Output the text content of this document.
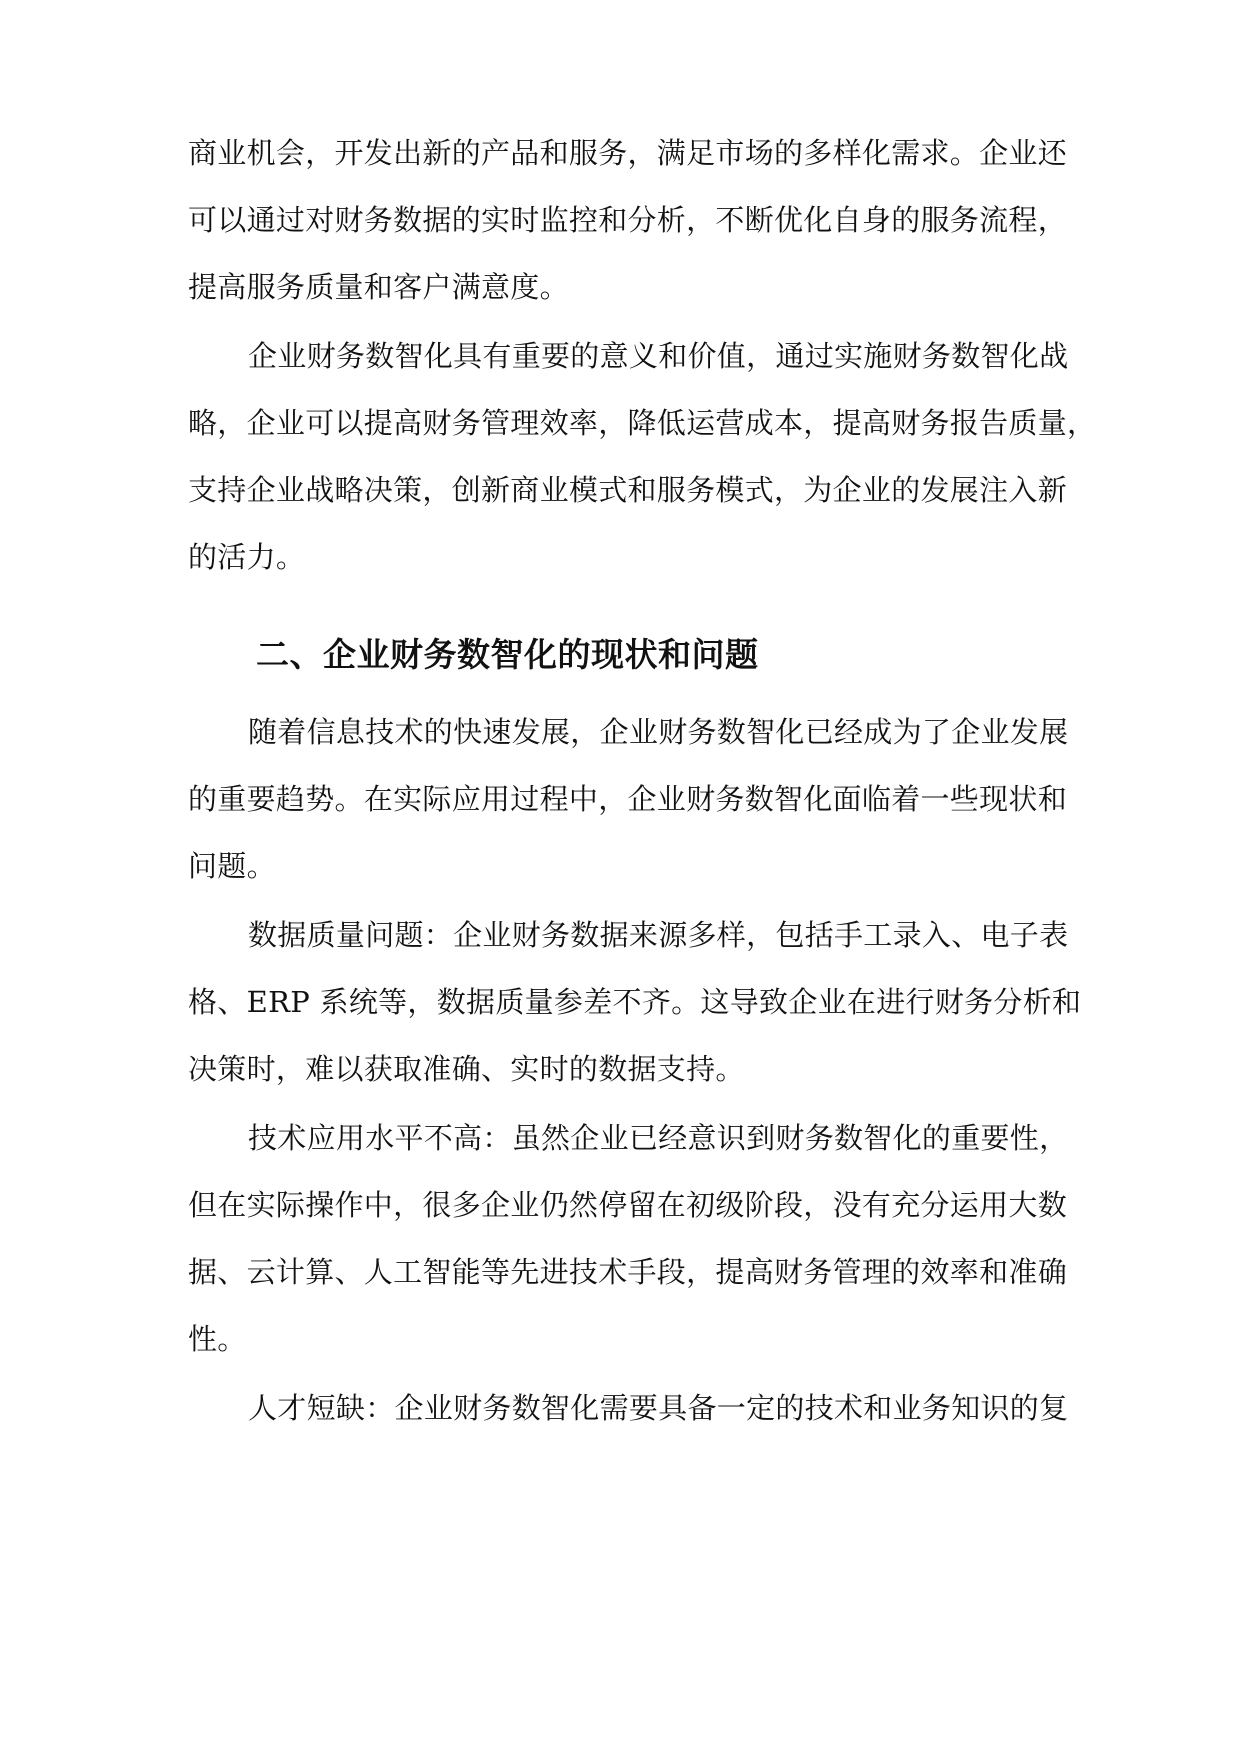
商业机会，开发出新的产品和服务，满足市场的多样化需求。企业还
可以通过对财务数据的实时监控和分析，不断优化自身的服务流程，
提高服务质量和客户满意度。
企业财务数智化具有重要的意义和价值，通过实施财务数智化战
略，企业可以提高财务管理效率，降低运营成本，提高财务报告质量，
支持企业战略决策，创新商业模式和服务模式，为企业的发展注入新
的活力。
二、企业财务数智化的现状和问题
随着信息技术的快速发展，企业财务数智化已经成为了企业发展
的重要趋势。在实际应用过程中，企业财务数智化面临着一些现状和
问题。
数据质量问题：企业财务数据来源多样，包括手工录入、电子表
格、ERP 系统等，数据质量参差不齐。这导致企业在进行财务分析和
决策时，难以获取准确、实时的数据支持。
技术应用水平不高：虽然企业已经意识到财务数智化的重要性，
但在实际操作中，很多企业仍然停留在初级阶段，没有充分运用大数
据、云计算、人工智能等先进技术手段，提高财务管理的效率和准确
性。
人才短缺：企业财务数智化需要具备一定的技术和业务知识的复
